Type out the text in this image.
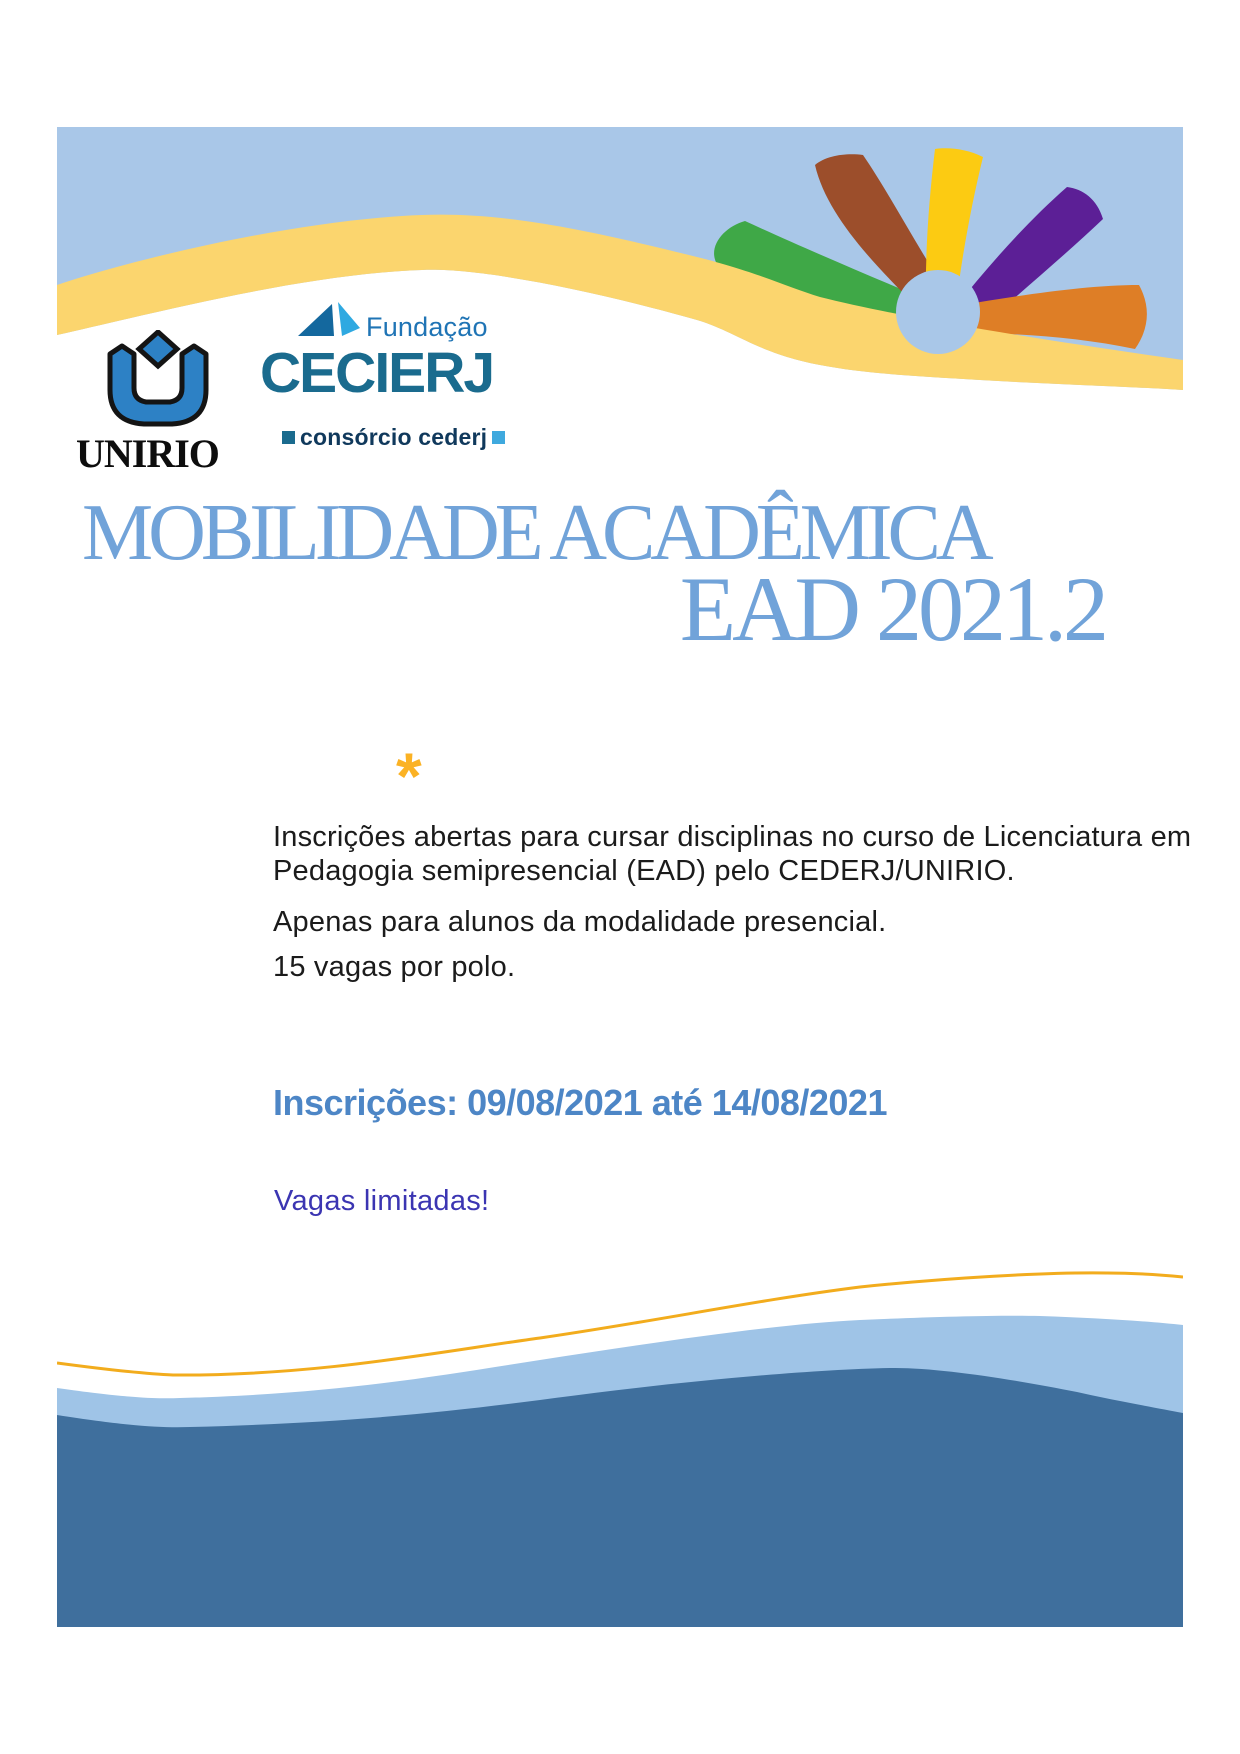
UNIRIO
Fundação
CECIERJ
consórcio cederj
MOBILIDADE ACADÊMICA
EAD 2021.2
*
Inscrições abertas para cursar disciplinas no curso de Licenciatura em
Pedagogia semipresencial (EAD) pelo CEDERJ/UNIRIO.
Apenas para alunos da modalidade presencial.
15 vagas por polo.
Inscrições: 09/08/2021 até 14/08/2021
Vagas limitadas!
